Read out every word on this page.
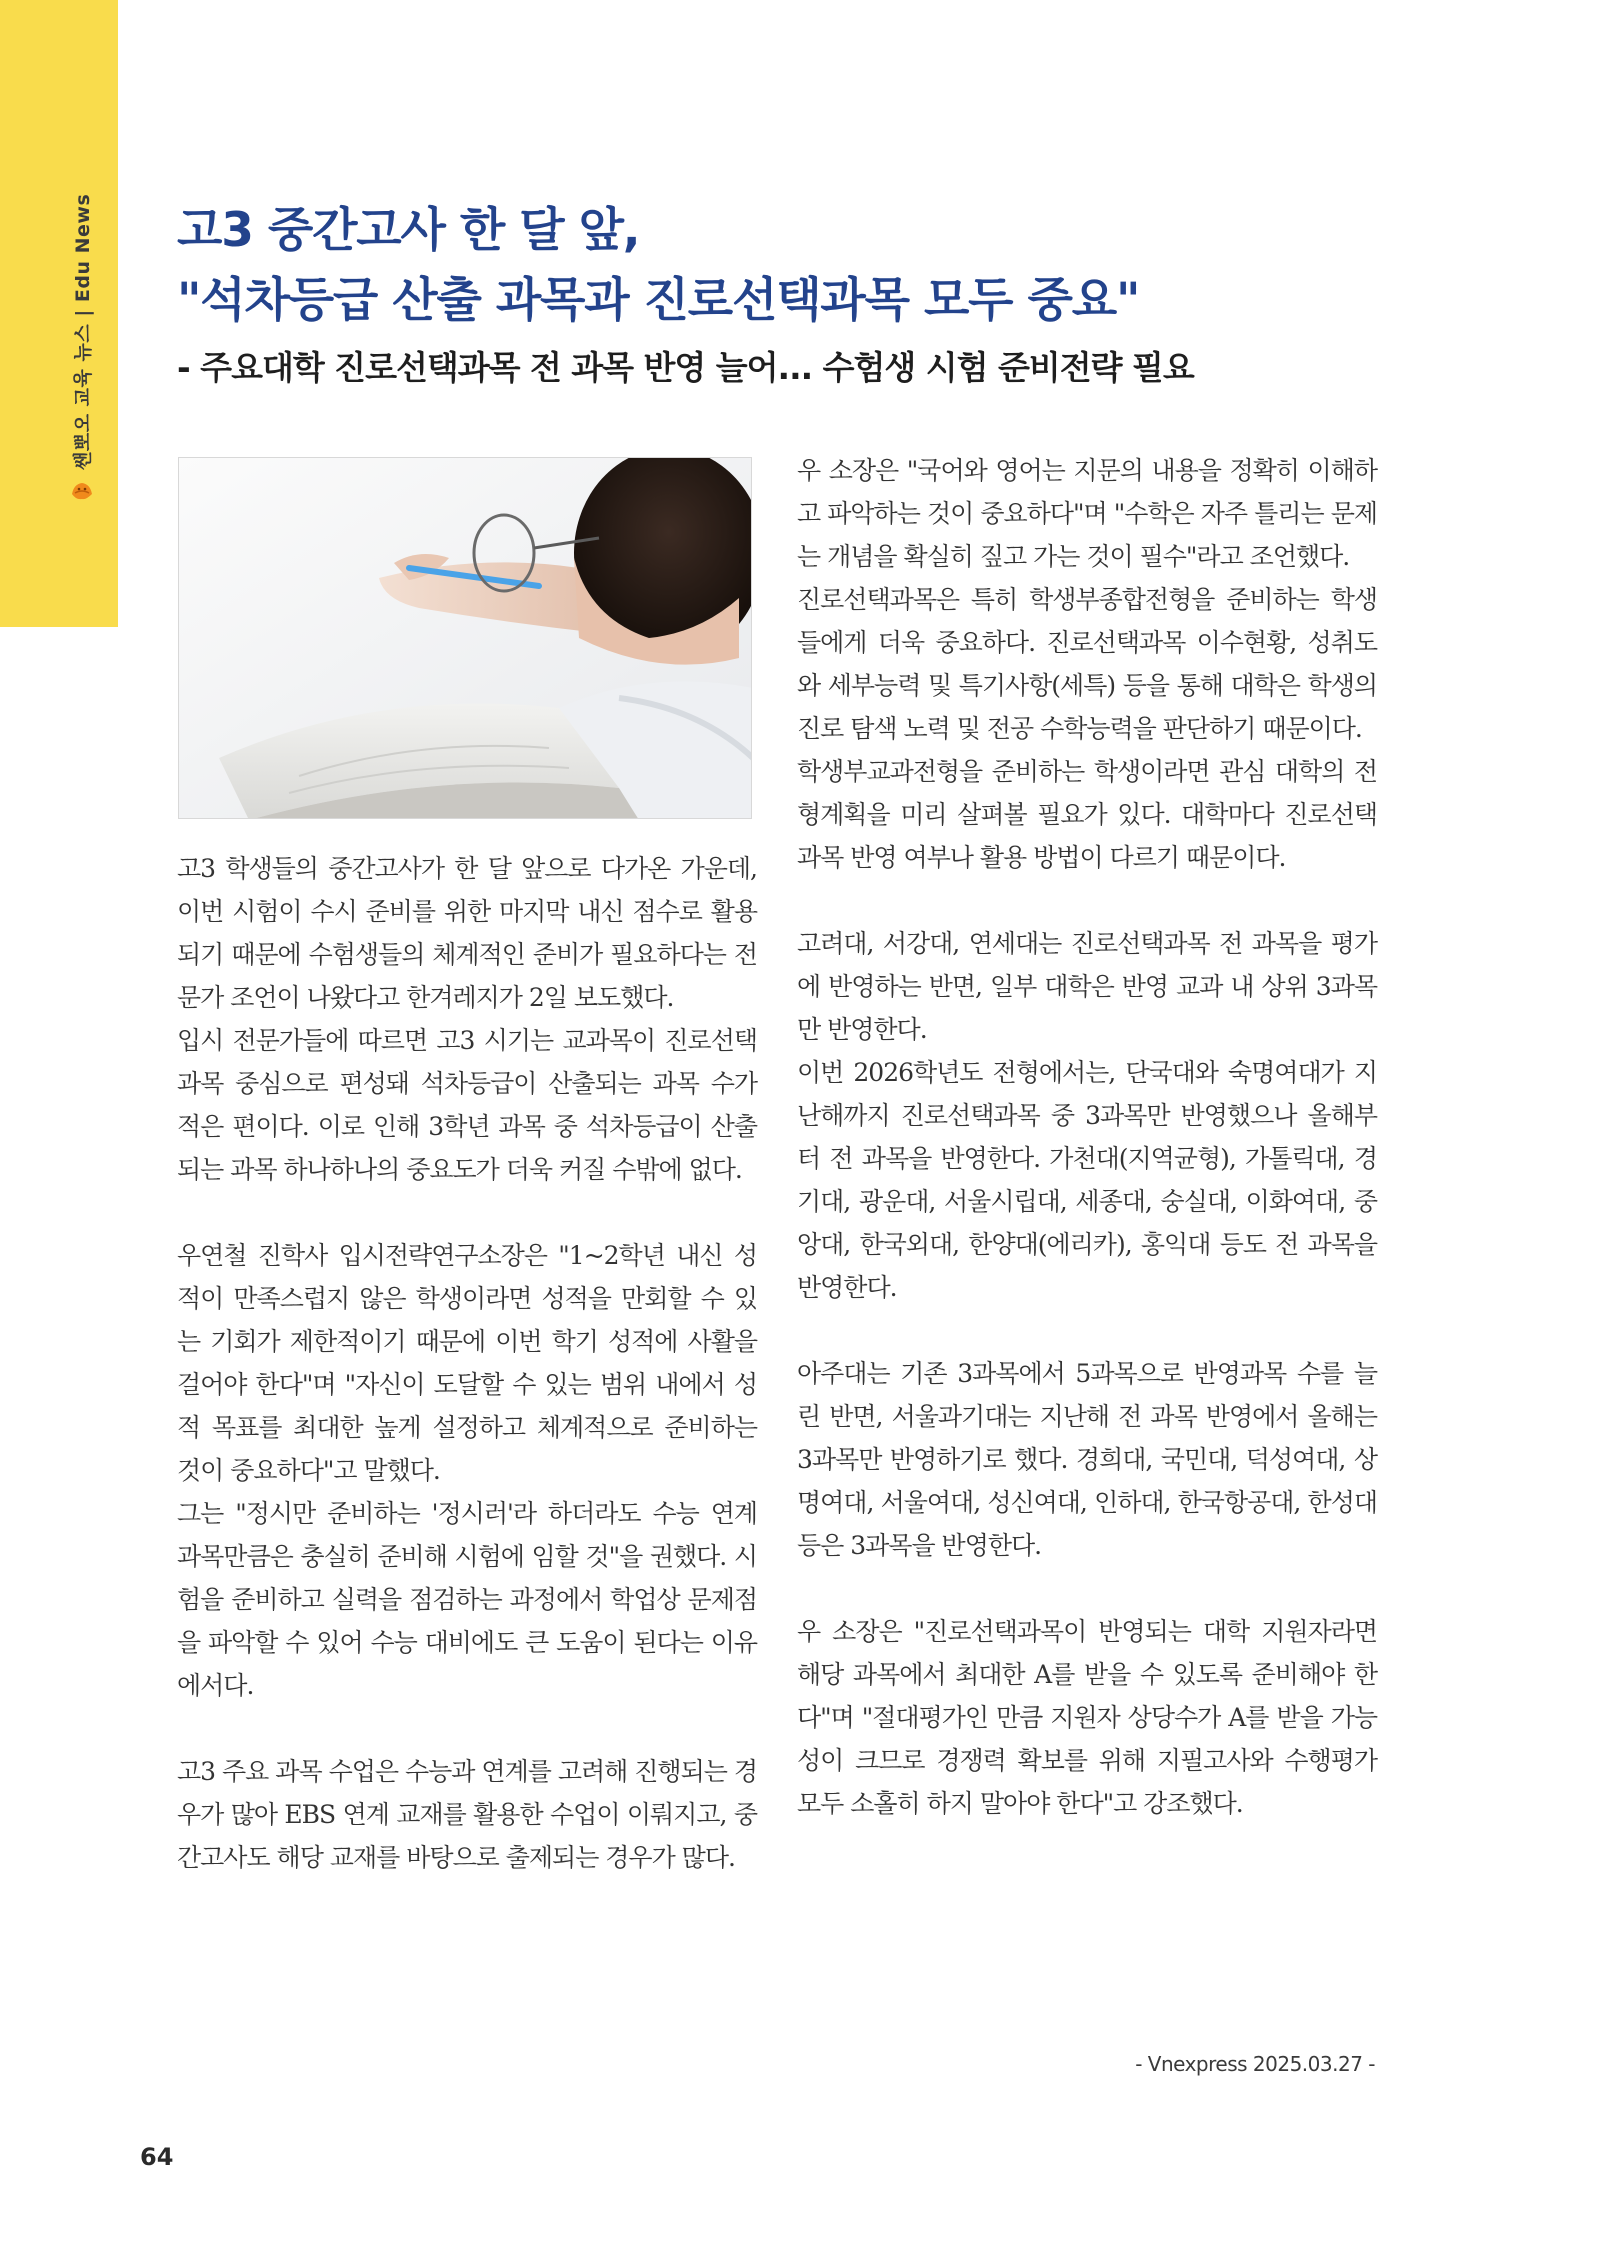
쌘뽀오 교육 뉴스 | Edu News 고3 중간고사 한 달 앞,
"석차등급 산출 과목과 진로선택과목 모두 중요"
- 주요대학 진로선택과목 전 과목 반영 늘어... 수험생 시험 준비전략 필요

고3 학생들의 중간고사가 한 달 앞으로 다가온 가운데, 이번 시험이 수시 준비를 위한 마지막 내신 점수로 활용되기 때문에 수험생들의 체계적인 준비가 필요하다는 전문가 조언이 나왔다고 한겨레지가 2일 보도했다.

입시 전문가들에 따르면 고3 시기는 교과목이 진로선택과목 중심으로 편성돼 석차등급이 산출되는 과목 수가 적은 편이다. 이로 인해 3학년 과목 중 석차등급이 산출되는 과목 하나하나의 중요도가 더욱 커질 수밖에 없다.

우연철 진학사 입시전략연구소장은 "1~2학년 내신 성적이 만족스럽지 않은 학생이라면 성적을 만회할 수 있는 기회가 제한적이기 때문에 이번 학기 성적에 사활을 걸어야 한다"며 "자신이 도달할 수 있는 범위 내에서 성적 목표를 최대한 높게 설정하고 체계적으로 준비하는 것이 중요하다"고 말했다.

그는 "정시만 준비하는 '정시러'라 하더라도 수능 연계 과목만큼은 충실히 준비해 시험에 임할 것"을 권했다. 시험을 준비하고 실력을 점검하는 과정에서 학업상 문제점을 파악할 수 있어 수능 대비에도 큰 도움이 된다는 이유에서다.

고3 주요 과목 수업은 수능과 연계를 고려해 진행되는 경우가 많아 EBS 연계 교재를 활용한 수업이 이뤄지고, 중간고사도 해당 교재를 바탕으로 출제되는 경우가 많다.

우 소장은 "국어와 영어는 지문의 내용을 정확히 이해하고 파악하는 것이 중요하다"며 "수학은 자주 틀리는 문제는 개념을 확실히 짚고 가는 것이 필수"라고 조언했다.

진로선택과목은 특히 학생부종합전형을 준비하는 학생들에게 더욱 중요하다. 진로선택과목 이수현황, 성취도와 세부능력 및 특기사항(세특) 등을 통해 대학은 학생의 진로 탐색 노력 및 전공 수학능력을 판단하기 때문이다.

학생부교과전형을 준비하는 학생이라면 관심 대학의 전형계획을 미리 살펴볼 필요가 있다. 대학마다 진로선택과목 반영 여부나 활용 방법이 다르기 때문이다.

고려대, 서강대, 연세대는 진로선택과목 전 과목을 평가에 반영하는 반면, 일부 대학은 반영 교과 내 상위 3과목만 반영한다.

이번 2026학년도 전형에서는, 단국대와 숙명여대가 지난해까지 진로선택과목 중 3과목만 반영했으나 올해부터 전 과목을 반영한다. 가천대(지역균형), 가톨릭대, 경기대, 광운대, 서울시립대, 세종대, 숭실대, 이화여대, 중앙대, 한국외대, 한양대(에리카), 홍익대 등도 전 과목을 반영한다.

아주대는 기존 3과목에서 5과목으로 반영과목 수를 늘린 반면, 서울과기대는 지난해 전 과목 반영에서 올해는 3과목만 반영하기로 했다. 경희대, 국민대, 덕성여대, 상명여대, 서울여대, 성신여대, 인하대, 한국항공대, 한성대 등은 3과목을 반영한다.

우 소장은 "진로선택과목이 반영되는 대학 지원자라면 해당 과목에서 최대한 A를 받을 수 있도록 준비해야 한다"며 "절대평가인 만큼 지원자 상당수가 A를 받을 가능성이 크므로 경쟁력 확보를 위해 지필고사와 수행평가 모두 소홀히 하지 말아야 한다"고 강조했다.

- Vnexpress 2025.03.27 -
64
